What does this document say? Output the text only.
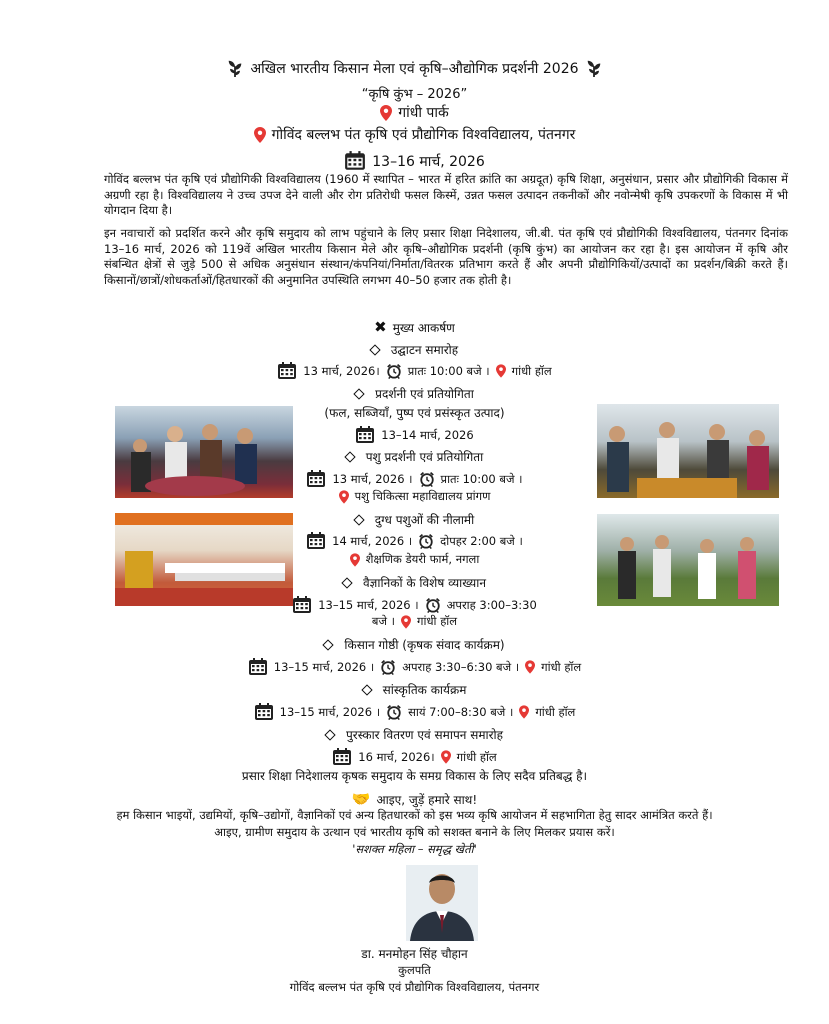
अखिल भारतीय किसान मेला एवं कृषि–औद्योगिक प्रदर्शनी 2026
“कृषि कुंभ – 2026”
गांधी पार्क
गोविंद बल्लभ पंत कृषि एवं प्रौद्योगिक विश्वविद्यालय, पंतनगर
13–16 मार्च, 2026
गोविंद बल्लभ पंत कृषि एवं प्रौद्योगिकी विश्वविद्यालय (1960 में स्थापित – भारत में हरित क्रांति का अग्रदूत) कृषि शिक्षा, अनुसंधान, प्रसार और प्रौद्योगिकी विकास में अग्रणी रहा है। विश्वविद्यालय ने उच्च उपज देने वाली और रोग प्रतिरोधी फसल किस्में, उन्नत फसल उत्पादन तकनीकों और नवोन्मेषी कृषि उपकरणों के विकास में भी योगदान दिया है।
इन नवाचारों को प्रदर्शित करने और कृषि समुदाय को लाभ पहुंचाने के लिए प्रसार शिक्षा निदेशालय, जी.बी. पंत कृषि एवं प्रौद्योगिकी विश्वविद्यालय, पंतनगर दिनांक 13–16 मार्च, 2026 को 119वें अखिल भारतीय किसान मेले और कृषि–औद्योगिक प्रदर्शनी (कृषि कुंभ) का आयोजन कर रहा है। इस आयोजन में कृषि और संबन्धित क्षेत्रों से जुड़े 500 से अधिक अनुसंधान संस्थान/कंपनियां/निर्माता/वितरक प्रतिभाग करते हैं और अपनी प्रौद्योगिकियों/उत्पादों का प्रदर्शन/बिक्री करते हैं। किसानों/छात्रों/शोधकर्ताओं/हितधारकों की अनुमानित उपस्थिति लगभग 40–50 हजार तक होती है।
✖ मुख्य आकर्षण
उद्घाटन समारोह
13 मार्च, 2026। प्रातः 10:00 बजे । गांधी हॉल
प्रदर्शनी एवं प्रतियोगिता
(फल, सब्जियाँ, पुष्प एवं प्रसंस्कृत उत्पाद)
13–14 मार्च, 2026
पशु प्रदर्शनी एवं प्रतियोगिता
13 मार्च, 2026 । प्रातः 10:00 बजे ।
पशु चिकित्सा महाविद्यालय प्रांगण
दुग्ध पशुओं की नीलामी
14 मार्च, 2026 । दोपहर 2:00 बजे ।
शैक्षणिक डेयरी फार्म, नगला
वैज्ञानिकों के विशेष व्याख्यान
13–15 मार्च, 2026 । अपराह 3:00–3:30
बजे । गांधी हॉल
किसान गोष्ठी (कृषक संवाद कार्यक्रम)
13–15 मार्च, 2026 । अपराह 3:30–6:30 बजे । गांधी हॉल
सांस्कृतिक कार्यक्रम
13–15 मार्च, 2026 । सायं 7:00–8:30 बजे । गांधी हॉल
पुरस्कार वितरण एवं समापन समारोह
16 मार्च, 2026। गांधी हॉल
प्रसार शिक्षा निदेशालय कृषक समुदाय के समग्र विकास के लिए सदैव प्रतिबद्ध है।
🤝 आइए, जुड़ें हमारे साथ!
हम किसान भाइयों, उद्यमियों, कृषि–उद्योगों, वैज्ञानिकों एवं अन्य हितधारकों को इस भव्य कृषि आयोजन में सहभागिता हेतु सादर आमंत्रित करते हैं।
आइए, ग्रामीण समुदाय के उत्थान एवं भारतीय कृषि को सशक्त बनाने के लिए मिलकर प्रयास करें।
'सशक्त महिला – समृद्ध खेती'
डा. मनमोहन सिंह चौहान
कुलपति
गोविंद बल्लभ पंत कृषि एवं प्रौद्योगिक विश्वविद्यालय, पंतनगर
